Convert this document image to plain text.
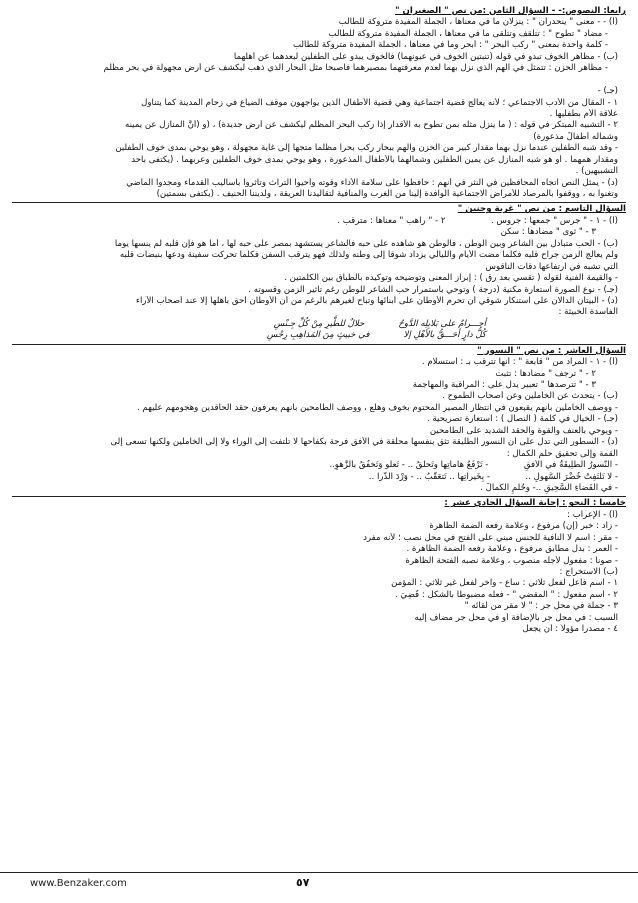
رابعاً: النصوص:- - السؤال الثامن :من نص " الصغيران "
(أ) - - معنى " ينحدران " : ينزلان ما في معناها ، الجملة المفيدة متروكة للطالب
- مضاد " تطوح " : تتلقف وتتلقى ما في معناها ، الجملة المفيدة متروكة للطالب
- كلمة واحدة بمعنى " ركب البحر " : أبحر وما في معناها ، الجملة المفيدة متروكة للطالب
(ب) - مظاهر الخوف تبدو في قوله (تنبتين الخوف في عيونهما) فالخوف يبدو على الطفلين لبعدهما عن أهلهما
- مظاهر الحزن : تتمثل في الهم الذي نزل بهما لعدم معرفتهما بمصيرهما فأصبحا مثل البحار الذي ذهب ليكشف عن أرض مجهولة في بحر مظلم
(جـ) -
١ - المقال من الأدب الاجتماعي ؛ لأنه يعالج قضية اجتماعية وهي قضية الأطفال الذين يواجهون موقف الضياع في زحام المدينة كما يتناول
علاقة الأم بطفليها .
٢ - التشبيه المبتكر في قوله : ( ما ينزل مثله بمن تطوح به الأقدار إذا ركب البحر المظلم ليكشف عن أرض جديدة) ، (و (أنَّ المنازل عن يمينه
وشماله أطفالٌ مذعورة)
- وقد شبه الطفلين عندما نزل بهما مقدار كبير من الحزن والهم ببحار ركب بحراً مظلماً متجهاً إلى غاية مجهولة ، وهو يوحي بمدى خوف الطفلين
ومقدار همهما . أو هو شبه المنازل عن يمين الطفلين وشمالهما بالأطفال المذعورة ، وهو يوحي بمدى خوف الطفلين وعربهما . (يكتفى بأحد
التشبيهين) .
(د) - يمثل النص اتجاه المحافظين في النثر في أنهم : حافظوا على سلامة الأداء وقوته وأحيوا التراث وتأثروا بأساليب القدماء ومجدوا الماضي
وتغنوا به ، ووقفوا بالمرصاد للأمراض الاجتماعية الوافدة إلينا من الغرب والمنافية لتقاليدنا العريقة ، ولديننا الحنيف . (يكتفى بسمتين)
السؤال التاسع : من نص " غربة وحنين "
(أ) - ١ - " جرس " جمعها : جروس .  ٢ - " راهب " معناها : مترقب .
٣ - " ثوى " مضادها : سكن
(ب) - الحب متبادل بين الشاعر وبين الوطن ، فالوطن هو شاهده على حبه فالشاعر يستشهد بمصر على حبه لها ، أما هو فإن قلبه لم ينسها يوماً
ولم يعالج الزمن جراح قلبه فكلما مضت الأيام والليالي يزداد شوقاً إلى وطنه ولذلك فهو يترقب السفن فكلما تحركت سفينة ودعها بنبضات قلبه
التي تشبه في ارتفاعها دقات الناقوس
- والقيمة الفنية لقوله ( تقسي بعد رق ) : إبراز المعنى وتوضيحه وتوكيده بالطباق بين الكلمتين .
(جـ) - نوع الصورة استعارة مكنية (درجة ) وتوحي باستمرار حب الشاعر للوطن رغم تأثير الزمن وقسوته .
(د) - البيتان الدالان على استنكار شوقي أن تحرم الأوطان على أبنائها وتباح لغيرهم بالرغم من أن الأوطان أحق بأهلها إلا عند أصحاب الآراء
الفاسدة الخبيثة :
أحـــرامٌ على بَلابِلِه الدَّوحُ
حلالٌ للطَّيرِ مِنْ كُلِّ جِـنْسِ
كُلُّ دارٍ أحَـــقُّ بالأهْلِ إلا
في خبيثٍ مِنَ المَذاهِبِ رِجْسِ
السؤال العاشر : من نص " النسور "
(أ) - ١ - المراد من " قابعة " : أنها تترقب بـ : استسلام .
٢ - " ترجف " مضادها : تثبت
٣ - " تترصدها " تعبير يدل على : المراقبة والمهاجمة
(ب) - يتحدث عن الخاملين وعن أصحاب الطموح .
- ووصف الخاملين بأنهم يقبعون في انتظار المصير المحتوم بخوف وهلع ، ووصف الطامحين بأنهم يعرفون حقد الحاقدين وهجومهم عليهم .
(جـ) - الخيال في كلمة ( النصال ) : استعارة تصريحية .
- ويوحي بالعنف والقوة والحقد الشديد على الطامحين
(د) - السطور التي تدل على أن النسور الطليقة تثق بنفسها محلقة في الأفق فرحة بكفاحها لا تلتفت إلى الوراء ولا إلى الخاملين ولكنها تسعى إلى
القمة وإلى تحقيق حلم الكمال :
- النُّسورُ الطَّلِيقَةُ في الأفقِ  - تَرْفَعُ هاماتِها وتَحلِّقُ .. - تَعلُو وَتَخفُقُ بالزَّهوِ..
- لا تَلتَفِتُ خُضْرَ السُّهولِ ..  - بِخَيراتِها .. تَتعَقَّبُ .. - وَرْدَ الذُّرا ..
- في الفَضاءِ السَّحِيقِ ..- وحُلْمِ الكَمالْ .
خامساً : النحو : إجابة السؤال الحادي عشر :
(أ) - الإعراب :
- زاد : خبر (إن) مرفوع ، وعلامة رفعه الضمة الظاهرة
- مقر : اسم لا النافية للجنس مبني على الفتح في محل نصب ؛ لأنه مفرد
- العمر : بدل مطابق مرفوع ، وعلامة رفعه الضمة الظاهرة .
- صوناً : مفعول لأجله منصوب ، وعلامة نصبه الفتحة الظاهرة
(ب) الاستخراج :
١ - اسم فاعل لفعل ثلاثي : ساع - وآخر لفعل غير ثلاثي : المؤمن
٢ - اسم مفعول : " المقضي " - فعله مضبوطاً بالشكل : قُضِيَ .
٣ - جملة في محل جر : " لا مقر من لقائه "
السبب : في محل جر بالإضافة أو في محل جر مضاف إليه
٤ - مصدراً مؤولاً : أن يجعل
www.Benzaker.com	٥٧
